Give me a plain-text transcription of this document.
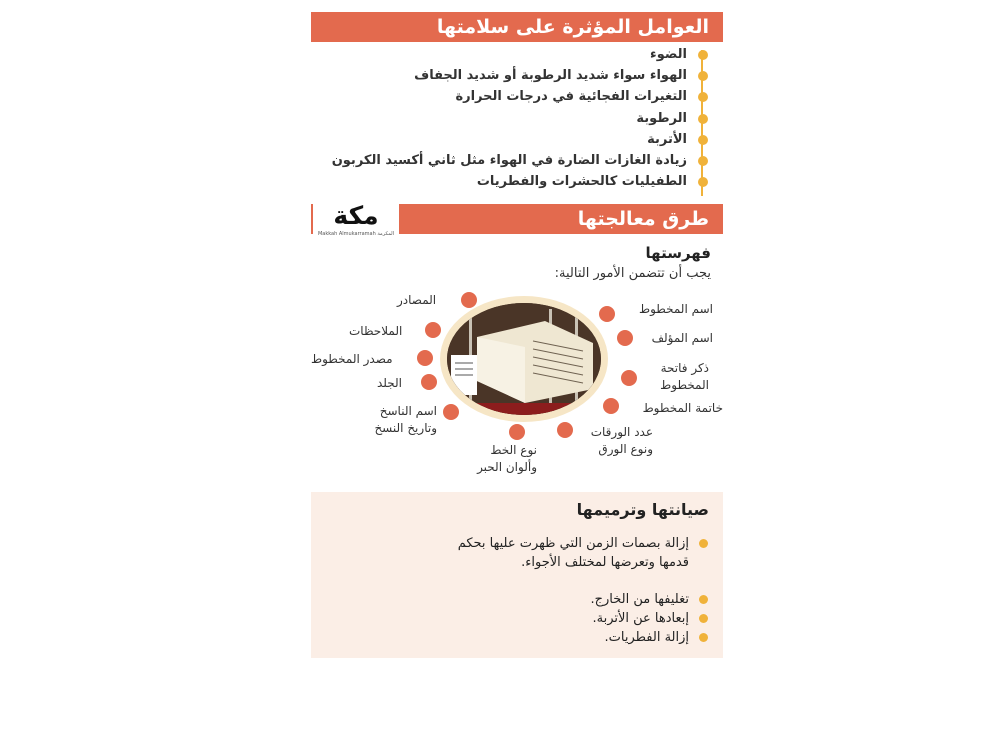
العوامل المؤثرة على سلامتها
الضوء
الهواء سواء شديد الرطوبة أو شديد الجفاف
التغيرات الفجائية في درجات الحرارة
الرطوبة
الأتربة
زيادة الغازات الضارة في الهواء مثل ثاني أكسيد الكربون
الطفيليات كالحشرات والفطريات
طرق معالجتها
مكة
Makkah Almukarramah المكرمة
فهرستها
يجب أن تتضمن الأمور التالية:
اسم المخطوط
اسم المؤلف
ذكر فاتحة المخطوط
خاتمة المخطوط
عدد الورقات ونوع الورق
المصادر
الملاحظات
مصدر المخطوط
الجلد
اسم الناسخ وتاريخ النسخ
نوع الخط وألوان الحبر
صيانتها وترميمها
إزالة بصمات الزمن التي ظهرت عليها بحكم قدمها وتعرضها لمختلف الأجواء.
تغليفها من الخارج.
إبعادها عن الأتربة.
إزالة الفطريات.
